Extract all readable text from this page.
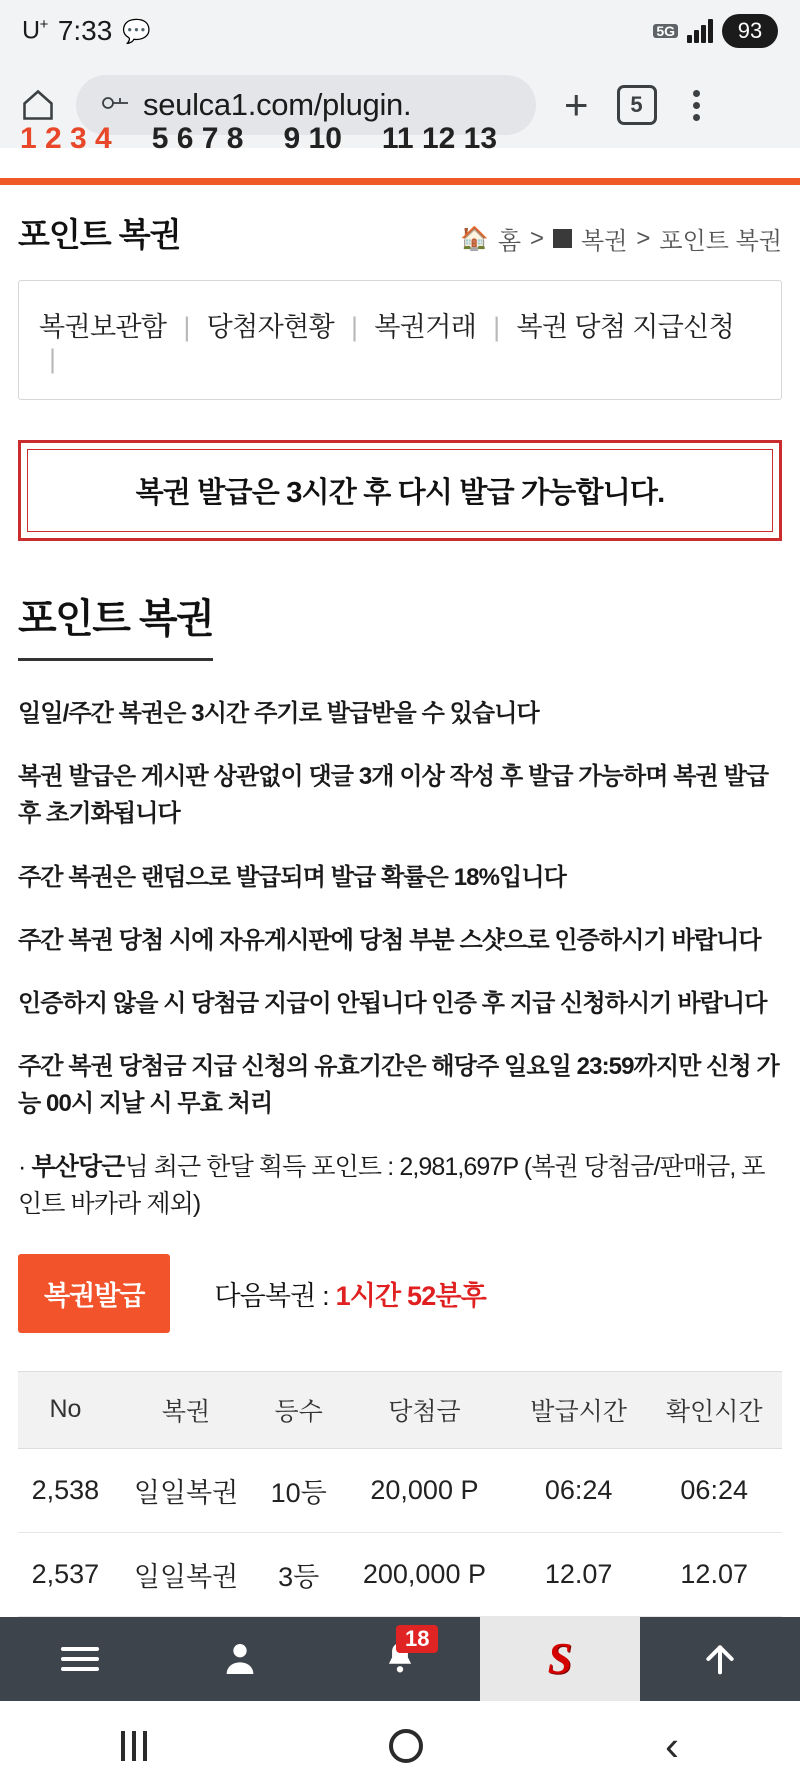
U+ 7:33 💬	5G	93
seulca1.com/plugin.	+	5
1 2 3 4 5 6 7 8 9 10 11 12 13
포인트 복권	🏠 홈 > 복권 > 포인트 복권
복권보관함 | 당첨자현황 | 복권거래 | 복권 당첨 지급신청 |
복권 발급은 3시간 후 다시 발급 가능합니다.
포인트 복권

일일/주간 복권은 3시간 주기로 발급받을 수 있습니다

복권 발급은 게시판 상관없이 댓글 3개 이상 작성 후 발급 가능하며 복권 발급 후 초기화됩니다

주간 복권은 랜덤으로 발급되며 발급 확률은 18%입니다

주간 복권 당첨 시에 자유게시판에 당첨 부분 스샷으로 인증하시기 바랍니다

인증하지 않을 시 당첨금 지급이 안됩니다 인증 후 지급 신청하시기 바랍니다

주간 복권 당첨금 지급 신청의 유효기간은 해당주 일요일 23:59까지만 신청 가능 00시 지날 시 무효 처리

· 부산당근님 최근 한달 획득 포인트 : 2,981,697P (복권 당첨금/판매금, 포인트 바카라 제외)
복권발급	다음복권 : 1시간 52분후
No	복권	등수	당첨금	발급시간	확인시간
2,538	일일복권	10등	20,000 P	06:24	06:24
2,537	일일복권	3등	200,000 P	12.07	12.07
18	S
‹
